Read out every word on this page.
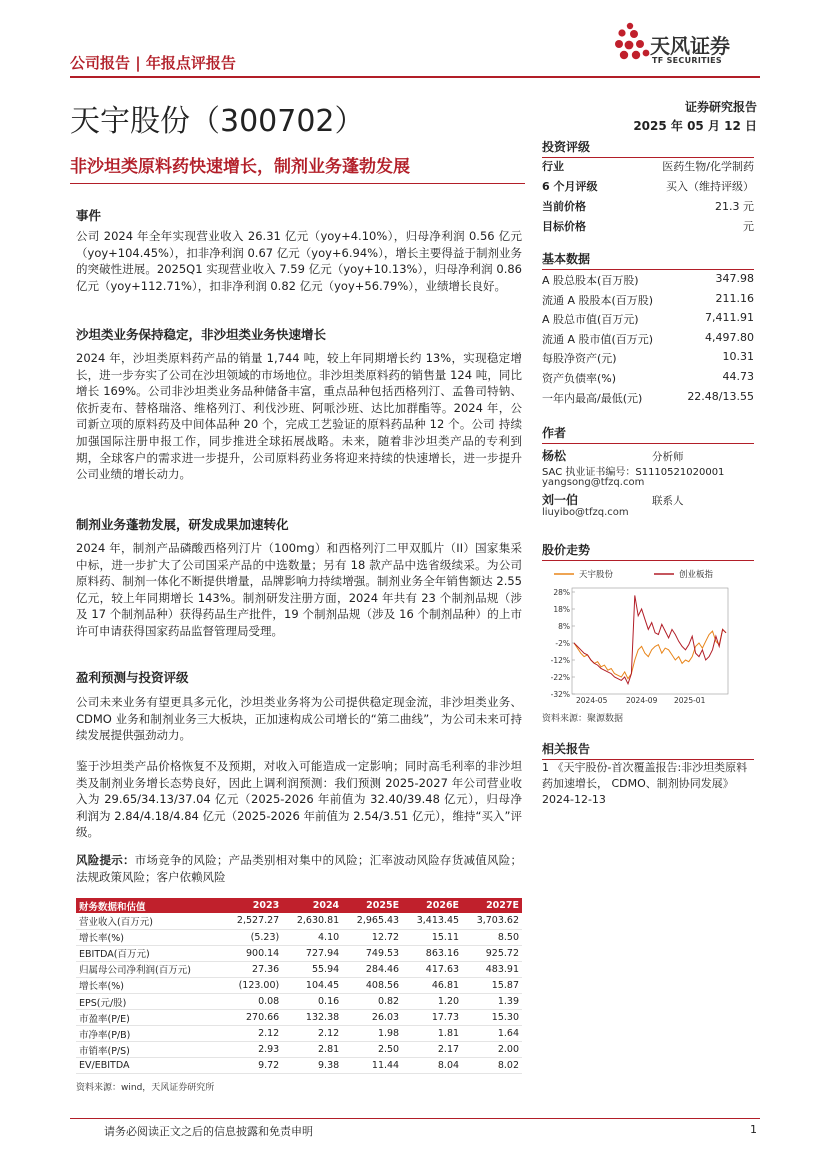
公司报告 | 年报点评报告
天风证券
TF SECURITIES
天宇股份（300702）	证券研究报告
2025 年 05 月 12 日
非沙坦类原料药快速增长，制剂业务蓬勃发展
事件
公司 2024 年全年实现营业收入 26.31 亿元（yoy+4.10%），归母净利润 0.56 亿元（yoy+104.45%），扣非净利润 0.67 亿元（yoy+6.94%），增长主要得益于制剂业务的突破性进展。2025Q1 实现营业收入 7.59 亿元（yoy+10.13%），归母净利润 0.86 亿元（yoy+112.71%），扣非净利润 0.82 亿元（yoy+56.79%），业绩增长良好。
沙坦类业务保持稳定，非沙坦类业务快速增长
2024 年，沙坦类原料药产品的销量 1,744 吨，较上年同期增长约 13%，实现稳定增长，进一步夯实了公司在沙坦领域的市场地位。非沙坦类原料药的销售量 124 吨，同比增长 169%。公司非沙坦类业务品种储备丰富，重点品种包括西格列汀、孟鲁司特钠、依折麦布、替格瑞洛、维格列汀、利伐沙班、阿哌沙班、达比加群酯等。2024 年，公司新立项的原料药及中间体品种 20 个，完成工艺验证的原料药品种 12 个。公司 持续加强国际注册申报工作，同步推进全球拓展战略。未来，随着非沙坦类产品的专利到期，全球客户的需求进一步提升，公司原料药业务将迎来持续的快速增长，进一步提升公司业绩的增长动力。
制剂业务蓬勃发展，研发成果加速转化
2024 年，制剂产品磷酸西格列汀片（100mg）和西格列汀二甲双胍片（II）国家集采中标，进一步扩大了公司国采产品的中选数量；另有 18 款产品中选省级续采。为公司原料药、制剂一体化不断提供增量，品牌影响力持续增强。制剂业务全年销售额达 2.55 亿元，较上年同期增长 143%。制剂研发注册方面，2024 年共有 23 个制剂品规（涉及 17 个制剂品种）获得药品生产批件，19 个制剂品规（涉及 16 个制剂品种）的上市许可申请获得国家药品监督管理局受理。
盈利预测与投资评级
公司未来业务有望更具多元化，沙坦类业务将为公司提供稳定现金流，非沙坦类业务、 CDMO 业务和制剂业务三大板块，正加速构成公司增长的“第二曲线”，为公司未来可持续发展提供强劲动力。
鉴于沙坦类产品价格恢复不及预期，对收入可能造成一定影响；同时高毛利率的非沙坦类及制剂业务增长态势良好，因此上调利润预测：我们预测 2025-2027 年公司营业收入为 29.65/34.13/37.04 亿元（2025-2026 年前值为 32.40/39.48 亿元），归母净利润为 2.84/4.18/4.84 亿元（2025-2026 年前值为 2.54/3.51 亿元），维持“买入”评级。
风险提示：市场竞争的风险；产品类别相对集中的风险；汇率波动风险存货减值风险；法规政策风险；客户依赖风险
财务数据和估值	2023	2024	2025E	2026E	2027E
营业收入(百万元)	2,527.27	2,630.81	2,965.43	3,413.45	3,703.62
增长率(%)	(5.23)	4.10	12.72	15.11	8.50
EBITDA(百万元)	900.14	727.94	749.53	863.16	925.72
归属母公司净利润(百万元)	27.36	55.94	284.46	417.63	483.91
增长率(%)	(123.00)	104.45	408.56	46.81	15.87
EPS(元/股)	0.08	0.16	0.82	1.20	1.39
市盈率(P/E)	270.66	132.38	26.03	17.73	15.30
市净率(P/B)	2.12	2.12	1.98	1.81	1.64
市销率(P/S)	2.93	2.81	2.50	2.17	2.00
EV/EBITDA	9.72	9.38	11.44	8.04	8.02
资料来源：wind，天风证券研究所
投资评级
行业	医药生物/化学制药
6 个月评级	买入（维持评级）
当前价格	21.3 元
目标价格	元
基本数据
A 股总股本(百万股)	347.98
流通 A 股股本(百万股)	211.16
A 股总市值(百万元)	7,411.91
流通 A 股市值(百万元)	4,497.80
每股净资产(元)	10.31
资产负债率(%)	44.73
一年内最高/最低(元)	22.48/13.55
作者
杨松	分析师
SAC 执业证书编号：S1110521020001
yangsong@tfzq.com
刘一伯	联系人
liuyibo@tfzq.com
股价走势
天宇股份	创业板指
28%
18%
8%
-2%
-12%
-22%
-32%
2024-05 2024-09 2025-01
资料来源：聚源数据
相关报告
1 《天宇股份-首次覆盖报告:非沙坦类原料药加速增长， CDMO、制剂协同发展》 2024-12-13
请务必阅读正文之后的信息披露和免责申明	1
